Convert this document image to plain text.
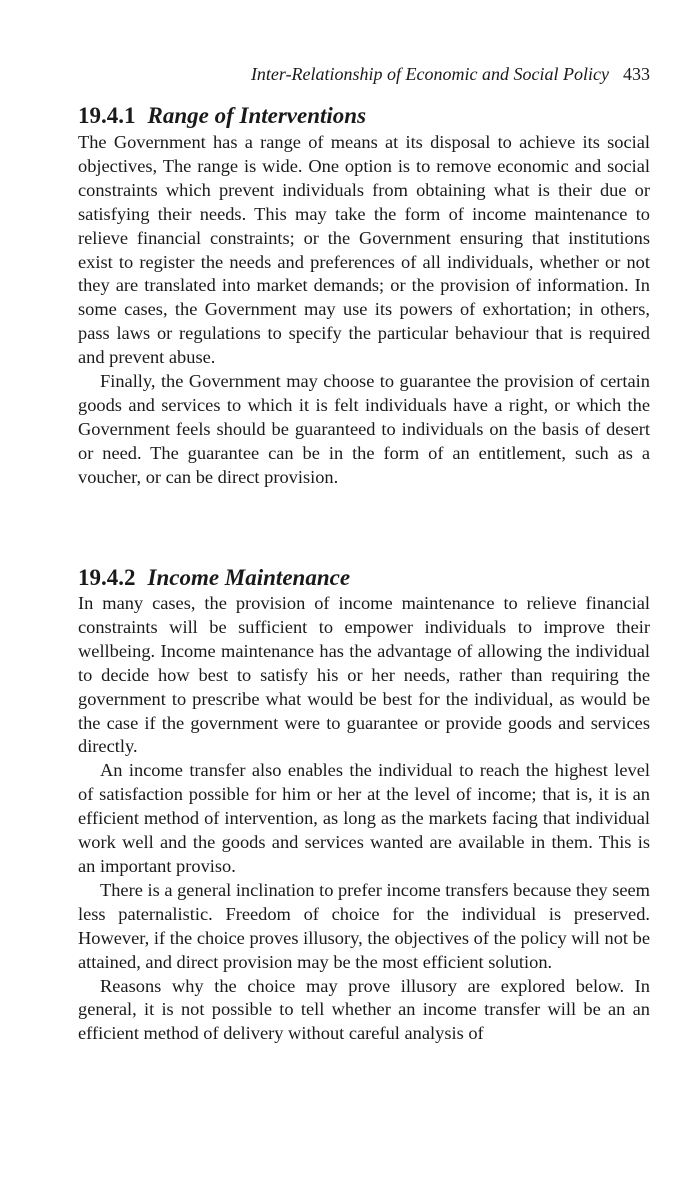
Inter-Relationship of Economic and Social Policy 433
19.4.1 Range of Interventions

The Government has a range of means at its disposal to achieve its social objectives, The range is wide. One option is to remove economic and social constraints which prevent individuals from obtaining what is their due or satisfying their needs. This may take the form of income maintenance to relieve financial constraints; or the Government ensuring that institutions exist to register the needs and preferences of all individuals, whether or not they are translated into market demands; or the provision of information. In some cases, the Government may use its powers of exhortation; in others, pass laws or regulations to specify the particular behaviour that is required and prevent abuse.

Finally, the Government may choose to guarantee the provision of certain goods and services to which it is felt individuals have a right, or which the Government feels should be guaranteed to individuals on the basis of desert or need. The guarantee can be in the form of an entitlement, such as a voucher, or can be direct provision.

19.4.2 Income Maintenance

In many cases, the provision of income maintenance to relieve financial constraints will be sufficient to empower individuals to improve their wellbeing. Income maintenance has the advantage of allowing the individual to decide how best to satisfy his or her needs, rather than requiring the government to prescribe what would be best for the individual, as would be the case if the government were to guarantee or provide goods and services directly.

An income transfer also enables the individual to reach the highest level of satisfaction possible for him or her at the level of income; that is, it is an efficient method of intervention, as long as the markets facing that individual work well and the goods and services wanted are available in them. This is an important proviso.

There is a general inclination to prefer income transfers because they seem less paternalistic. Freedom of choice for the individual is preserved. However, if the choice proves illusory, the objectives of the policy will not be attained, and direct provision may be the most efficient solution.

Reasons why the choice may prove illusory are explored below. In general, it is not possible to tell whether an income transfer will be an an efficient method of delivery without careful analysis of
